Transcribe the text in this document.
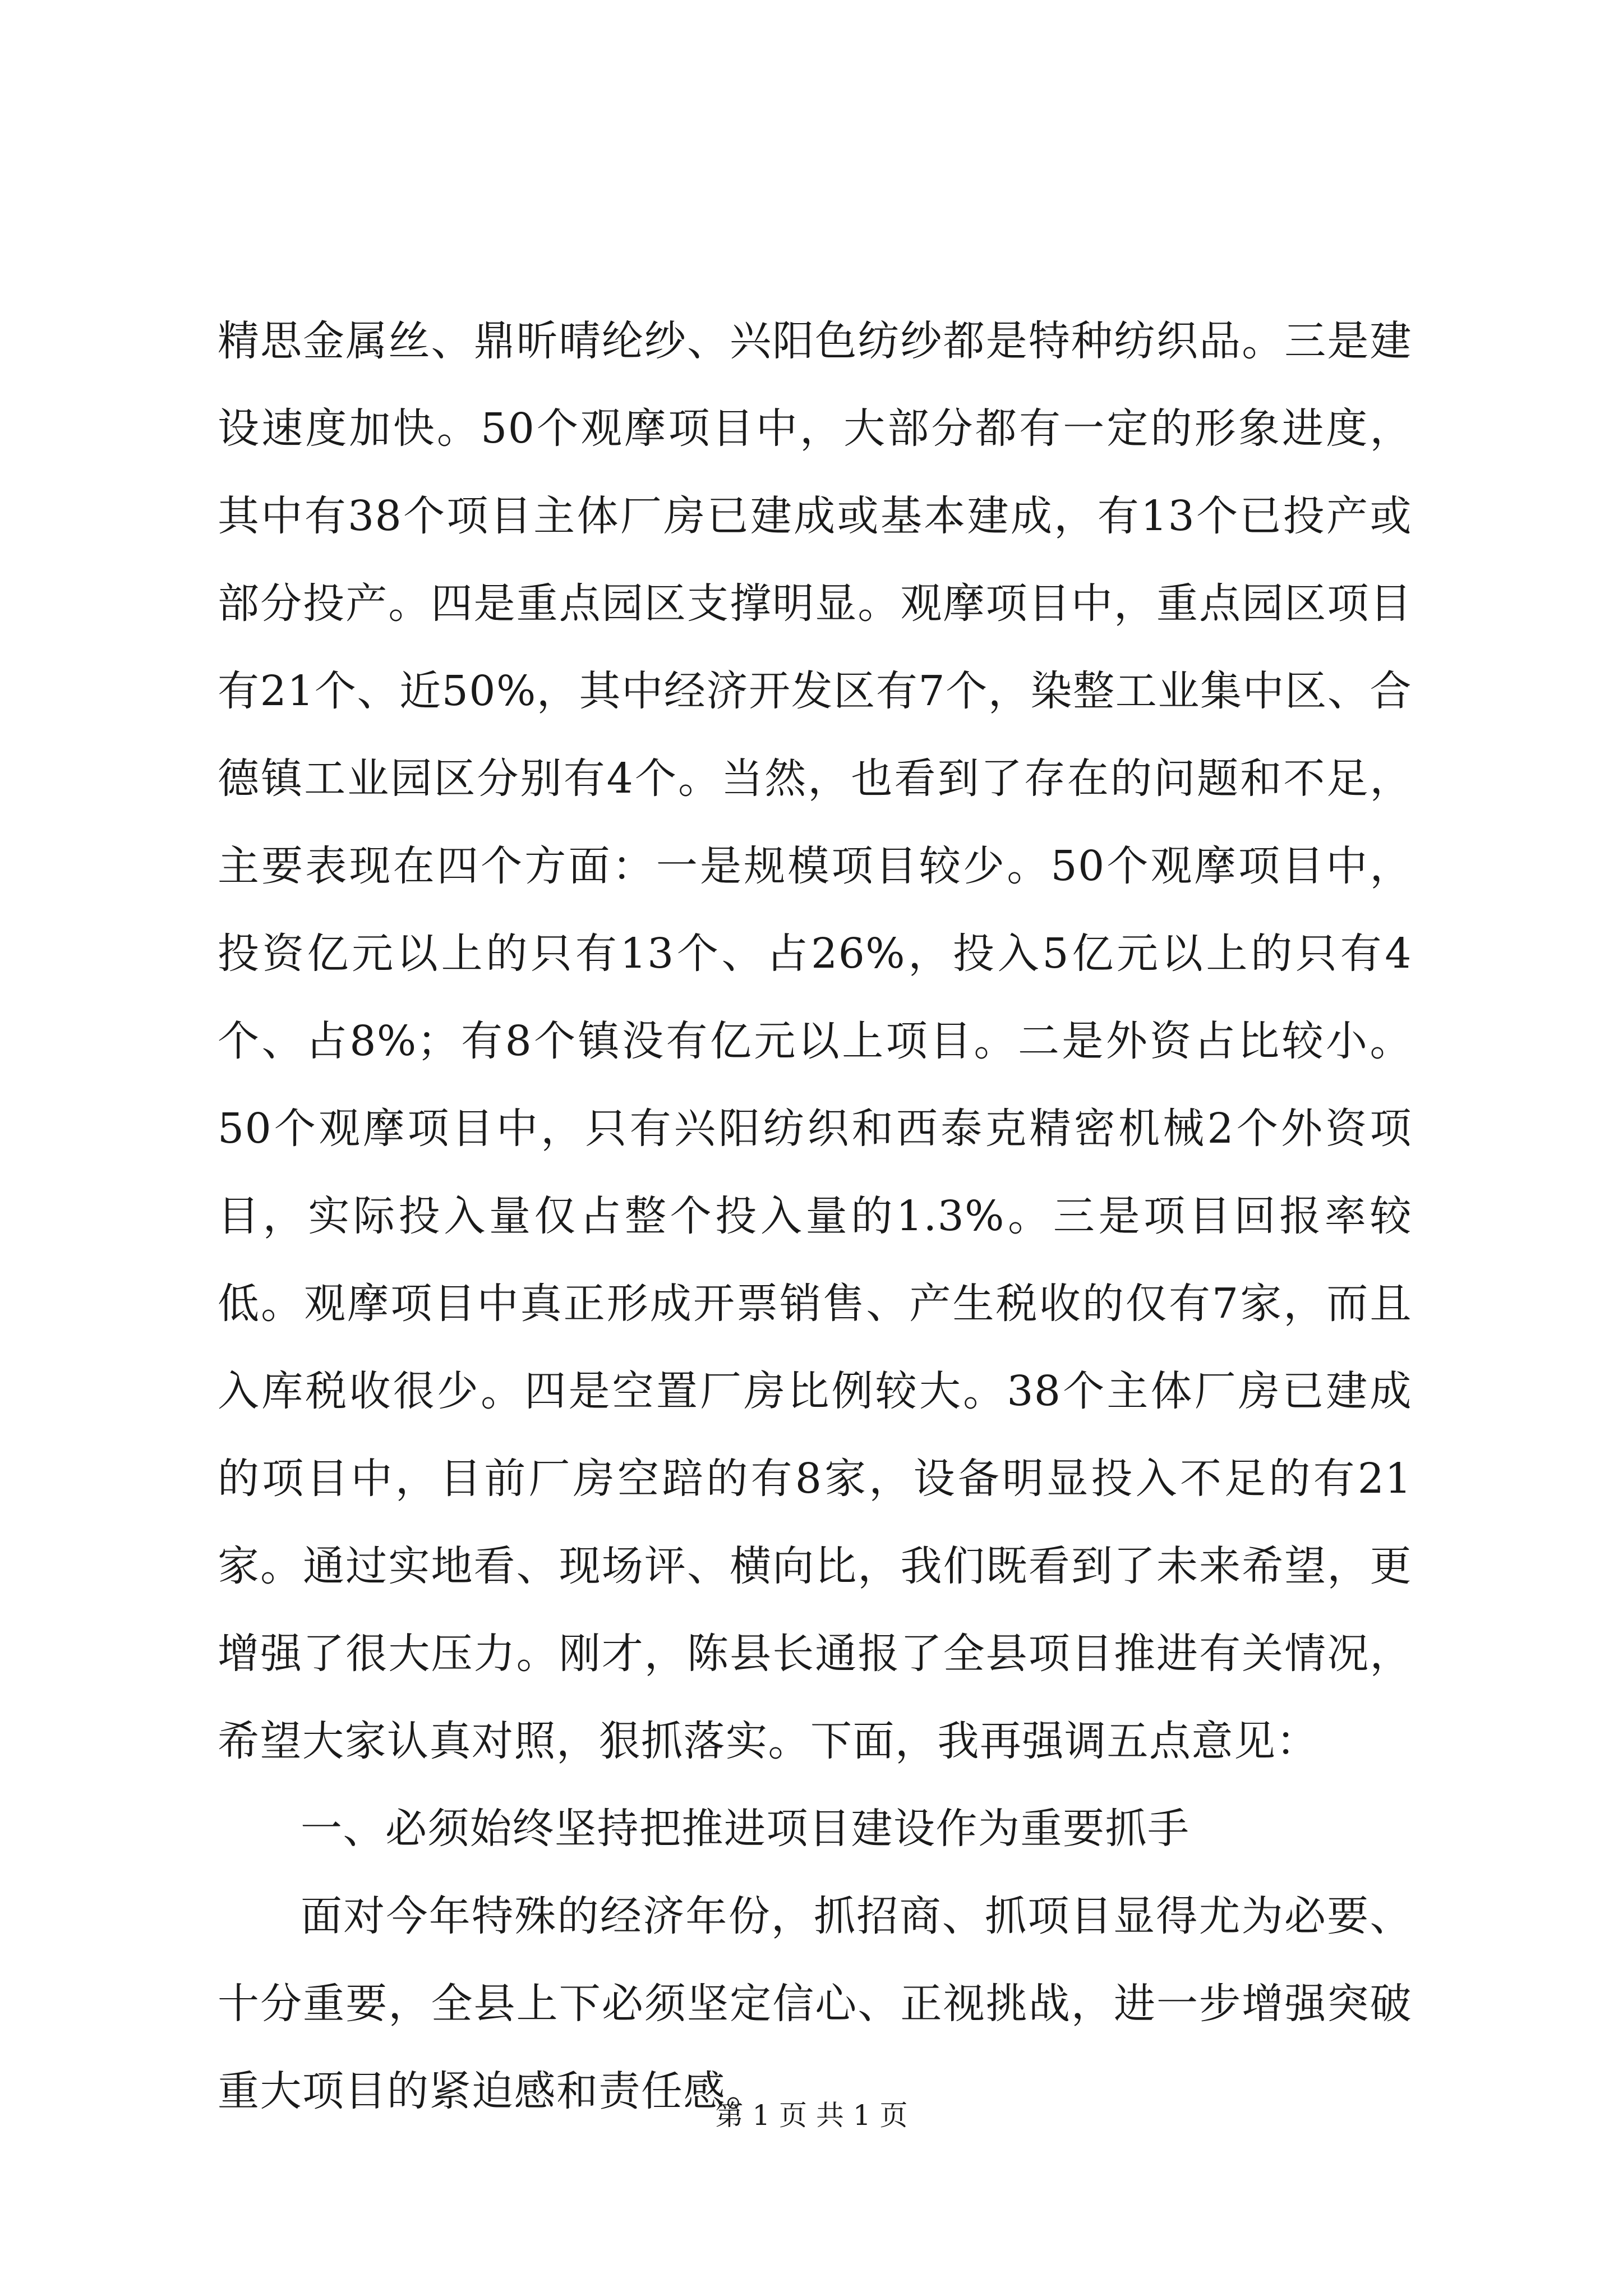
精思金属丝、鼎昕晴纶纱、兴阳色纺纱都是特种纺织品。三是建设速度加快。50个观摩项目中，大部分都有一定的形象进度，其中有38个项目主体厂房已建成或基本建成，有13个已投产或部分投产。四是重点园区支撑明显。观摩项目中，重点园区项目有21个、近50%，其中经济开发区有7个，染整工业集中区、合德镇工业园区分别有4个。当然，也看到了存在的问题和不足，主要表现在四个方面：一是规模项目较少。50个观摩项目中，投资亿元以上的只有13个、占26%，投入5亿元以上的只有4个、占8%；有8个镇没有亿元以上项目。二是外资占比较小。50个观摩项目中，只有兴阳纺织和西泰克精密机械2个外资项目，实际投入量仅占整个投入量的1.3%。三是项目回报率较低。观摩项目中真正形成开票销售、产生税收的仅有7家，而且入库税收很少。四是空置厂房比例较大。38个主体厂房已建成的项目中，目前厂房空踣的有8家，设备明显投入不足的有21家。通过实地看、现场评、横向比，我们既看到了未来希望，更增强了很大压力。刚才，陈县长通报了全县项目推进有关情况，希望大家认真对照，狠抓落实。下面，我再强调五点意见：

一、必须始终坚持把推进项目建设作为重要抓手

面对今年特殊的经济年份，抓招商、抓项目显得尤为必要、十分重要，全县上下必须坚定信心、正视挑战，进一步增强突破重大项目的紧迫感和责任感。

第 1 页 共 1 页
